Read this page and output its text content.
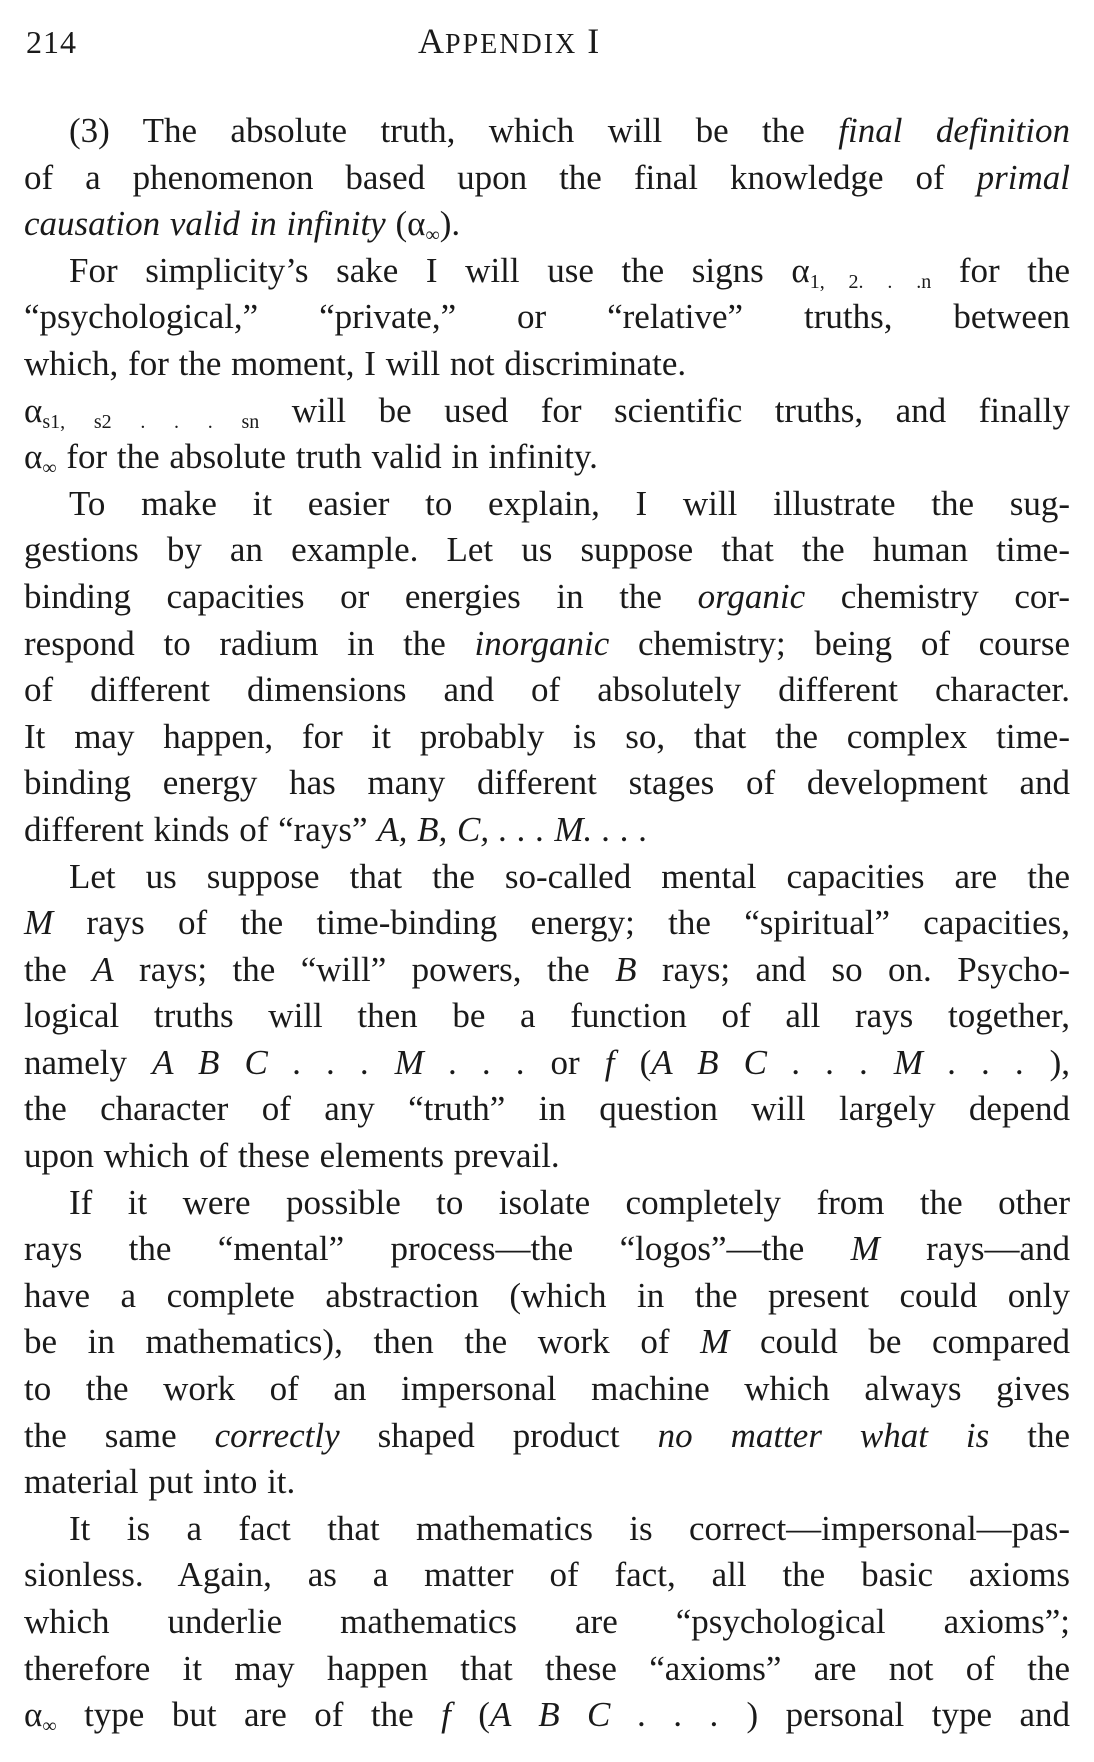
214	APPENDIX I
(3) The absolute truth, which will be the final definition
of a phenomenon based upon the final knowledge of primal
causation valid in infinity $(\alpha_\infty)$.
For simplicity’s sake I will use the signs $\alpha_{1, 2. . .n}$ for the
“psychological,” “private,” or “relative” truths, between
which, for the moment, I will not discriminate.
$\alpha_{s1, s2 . . . sn}$ will be used for scientific truths, and finally
$\alpha_\infty$ for the absolute truth valid in infinity.
To make it easier to explain, I will illustrate the sug-
gestions by an example. Let us suppose that the human time-
binding capacities or energies in the organic chemistry cor-
respond to radium in the inorganic chemistry; being of course
of different dimensions and of absolutely different character.
It may happen, for it probably is so, that the complex time-
binding energy has many different stages of development and
different kinds of “rays” A, B, C, . . . M. . . .
Let us suppose that the so-called mental capacities are the
M rays of the time-binding energy; the “spiritual” capacities,
the A rays; the “will” powers, the B rays; and so on. Psycho-
logical truths will then be a function of all rays together,
namely A B C . . . M . . . or f (A B C . . . M . . . ),
the character of any “truth” in question will largely depend
upon which of these elements prevail.
If it were possible to isolate completely from the other
rays the “mental” process—the “logos”—the M rays—and
have a complete abstraction (which in the present could only
be in mathematics), then the work of M could be compared
to the work of an impersonal machine which always gives
the same correctly shaped product no matter what is the
material put into it.
It is a fact that mathematics is correct—impersonal—pas-
sionless. Again, as a matter of fact, all the basic axioms
which underlie mathematics are “psychological axioms”;
therefore it may happen that these “axioms” are not of the
$\alpha_\infty$ type but are of the f (A B C . . . ) personal type and
